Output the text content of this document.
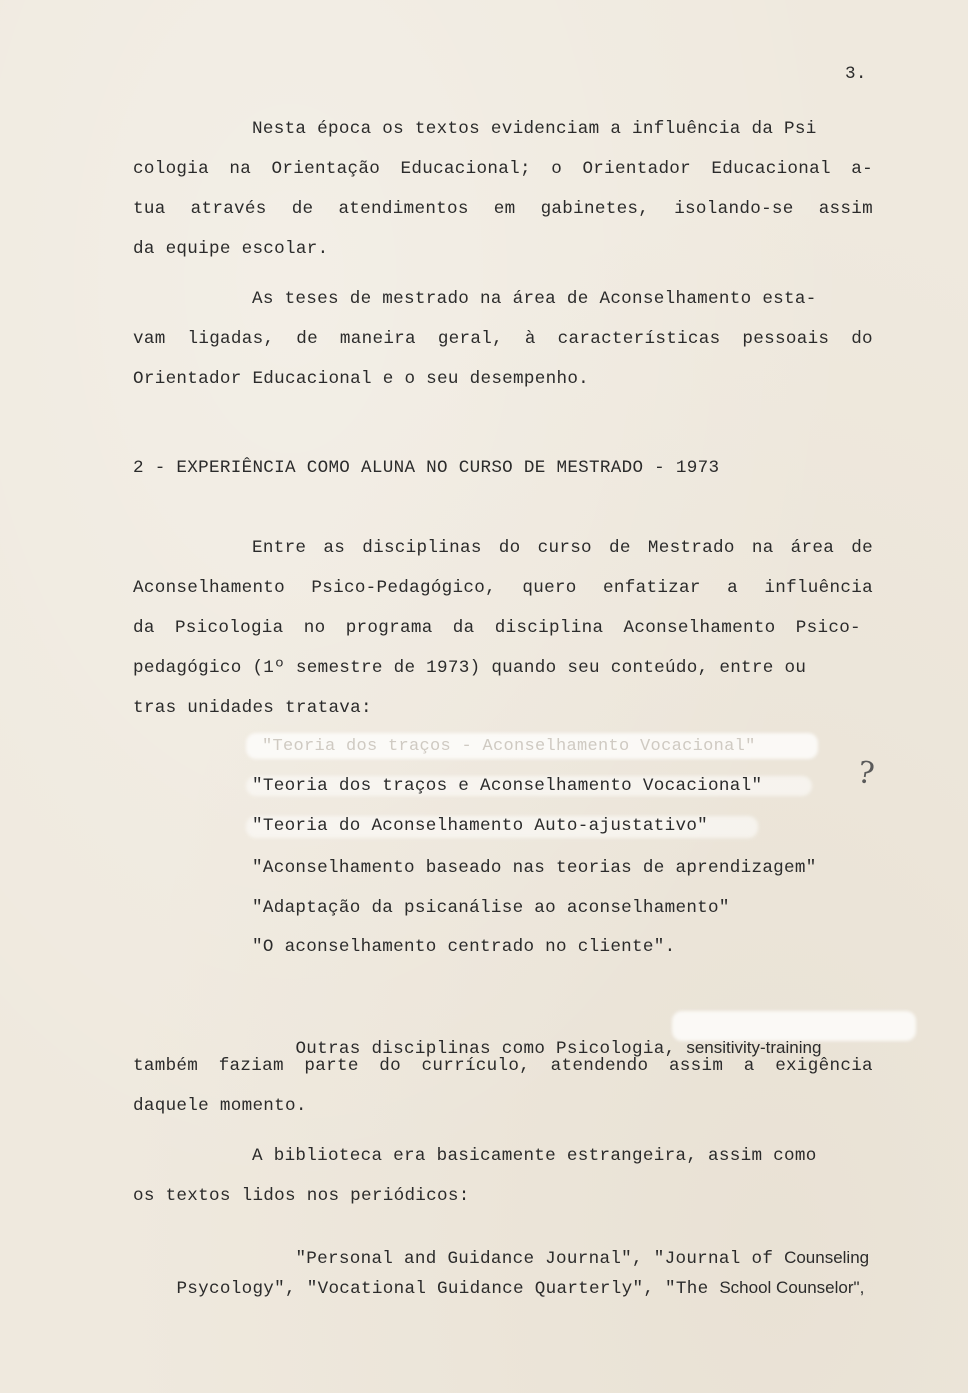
3.
Nesta época os textos evidenciam a influência da Psi
cologia na Orientação Educacional; o Orientador Educacional a-
tua através de atendimentos em gabinetes, isolando-se assim
da equipe escolar.
As teses de mestrado na área de Aconselhamento esta-
vam ligadas, de maneira geral, à características pessoais do
Orientador Educacional e o seu desempenho.
2 - EXPERIÊNCIA COMO ALUNA NO CURSO DE MESTRADO - 1973
Entre as disciplinas do curso de Mestrado na área de
Aconselhamento Psico-Pedagógico, quero enfatizar a influência
da Psicologia no programa da disciplina Aconselhamento Psico-
pedagógico (1º semestre de 1973) quando seu conteúdo, entre ou
tras unidades tratava:
"Teoria dos traços - Aconselhamento Vocacional"
"Teoria dos traços e Aconselhamento Vocacional"
"Teoria do Aconselhamento Auto-ajustativo"
"Aconselhamento baseado nas teorias de aprendizagem"
"Adaptação da psicanálise ao aconselhamento"
"O aconselhamento centrado no cliente".
?

Outras disciplinas como Psicologia, sensitivity-training

também faziam parte do currículo, atendendo assim a exigência
daquele momento.
A biblioteca era basicamente estrangeira, assim como
os textos lidos nos periódicos:

"Personal and Guidance Journal", "Journal of Counseling

Psycology", "Vocational Guidance Quarterly", "The School Counselor",
